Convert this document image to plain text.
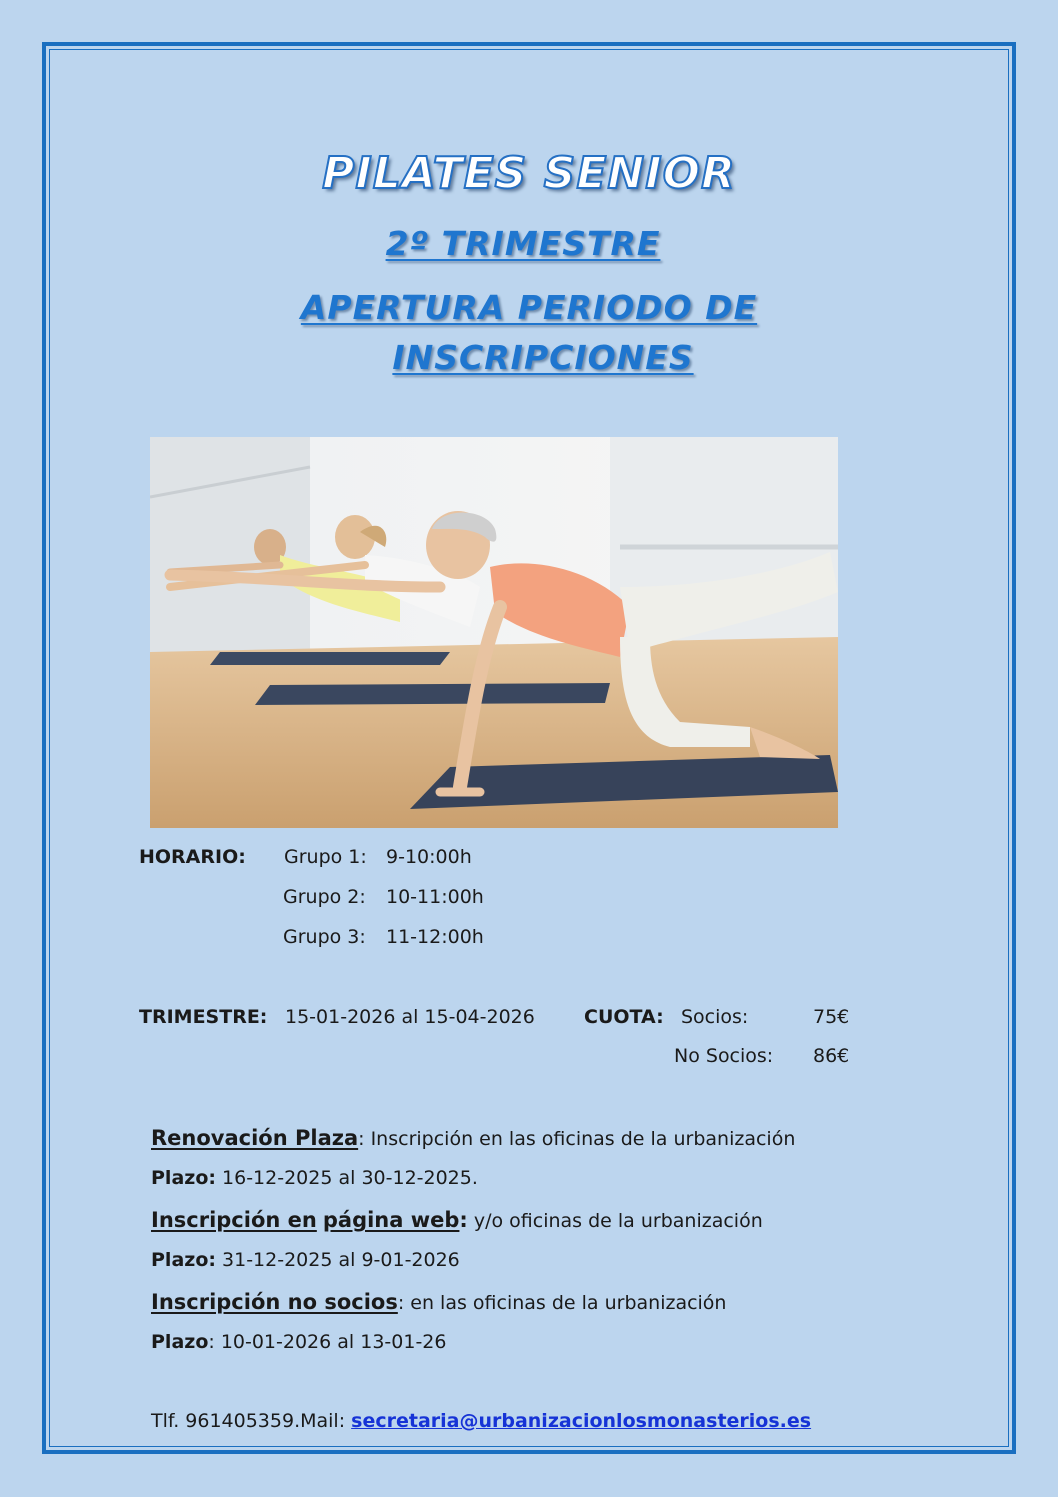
PILATES SENIOR
2º TRIMESTRE
APERTURA PERIODO DE
INSCRIPCIONES
HORARIO: Grupo 1: 9-10:00h
Grupo 2: 10-11:00h
Grupo 3: 11-12:00h
TRIMESTRE: 15-01-2026 al 15-04-2026	CUOTA: Socios:	75€
No Socios: 86€
Renovación Plaza: Inscripción en las oficinas de la urbanización
Plazo: 16-12-2025 al 30-12-2025.
Inscripción en página web: y/o oficinas de la urbanización
Plazo: 31-12-2025 al 9-01-2026
Inscripción no socios: en las oficinas de la urbanización
Plazo: 10-01-2026 al 13-01-26
Tlf. 961405359.Mail: secretaria@urbanizacionlosmonasterios.es
